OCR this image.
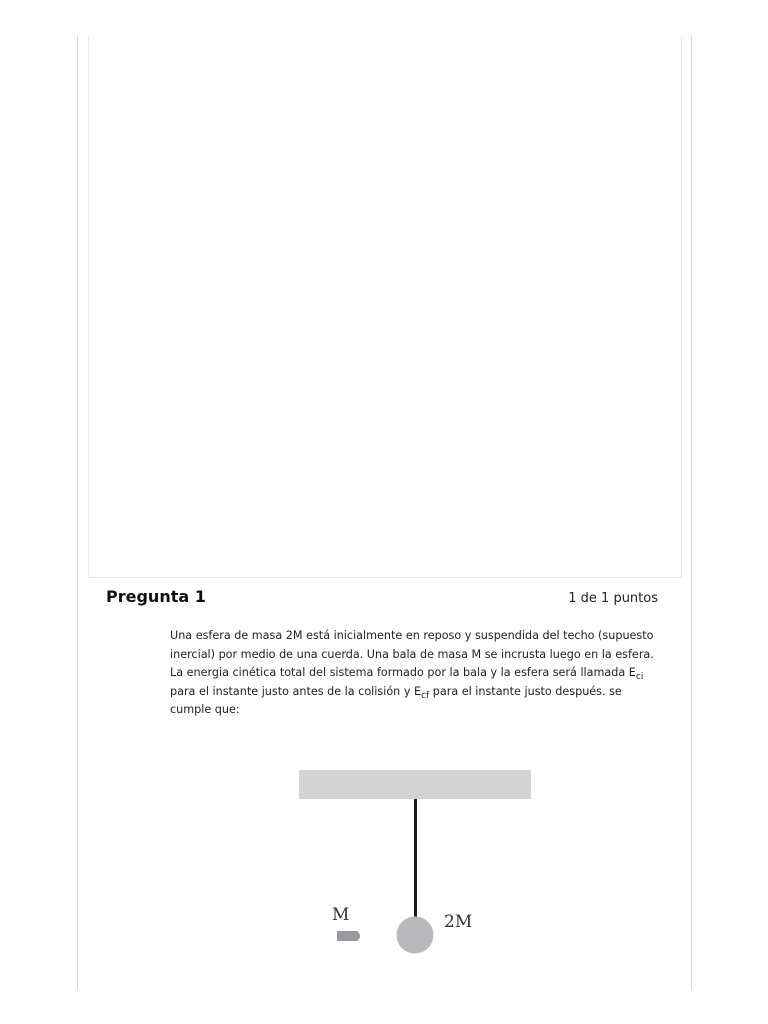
Pregunta 1	1 de 1 puntos
Una esfera de masa 2M está inicialmente en reposo y suspendida del techo (supuesto inercial) por medio de una cuerda. Una bala de masa M se incrusta luego en la esfera. La energia cinética total del sistema formado por la bala y la esfera será llamada $E_{ci}$ para el instante justo antes de la colisión y $E_{cf}$ para el instante justo después. se cumple que:
M	2M
